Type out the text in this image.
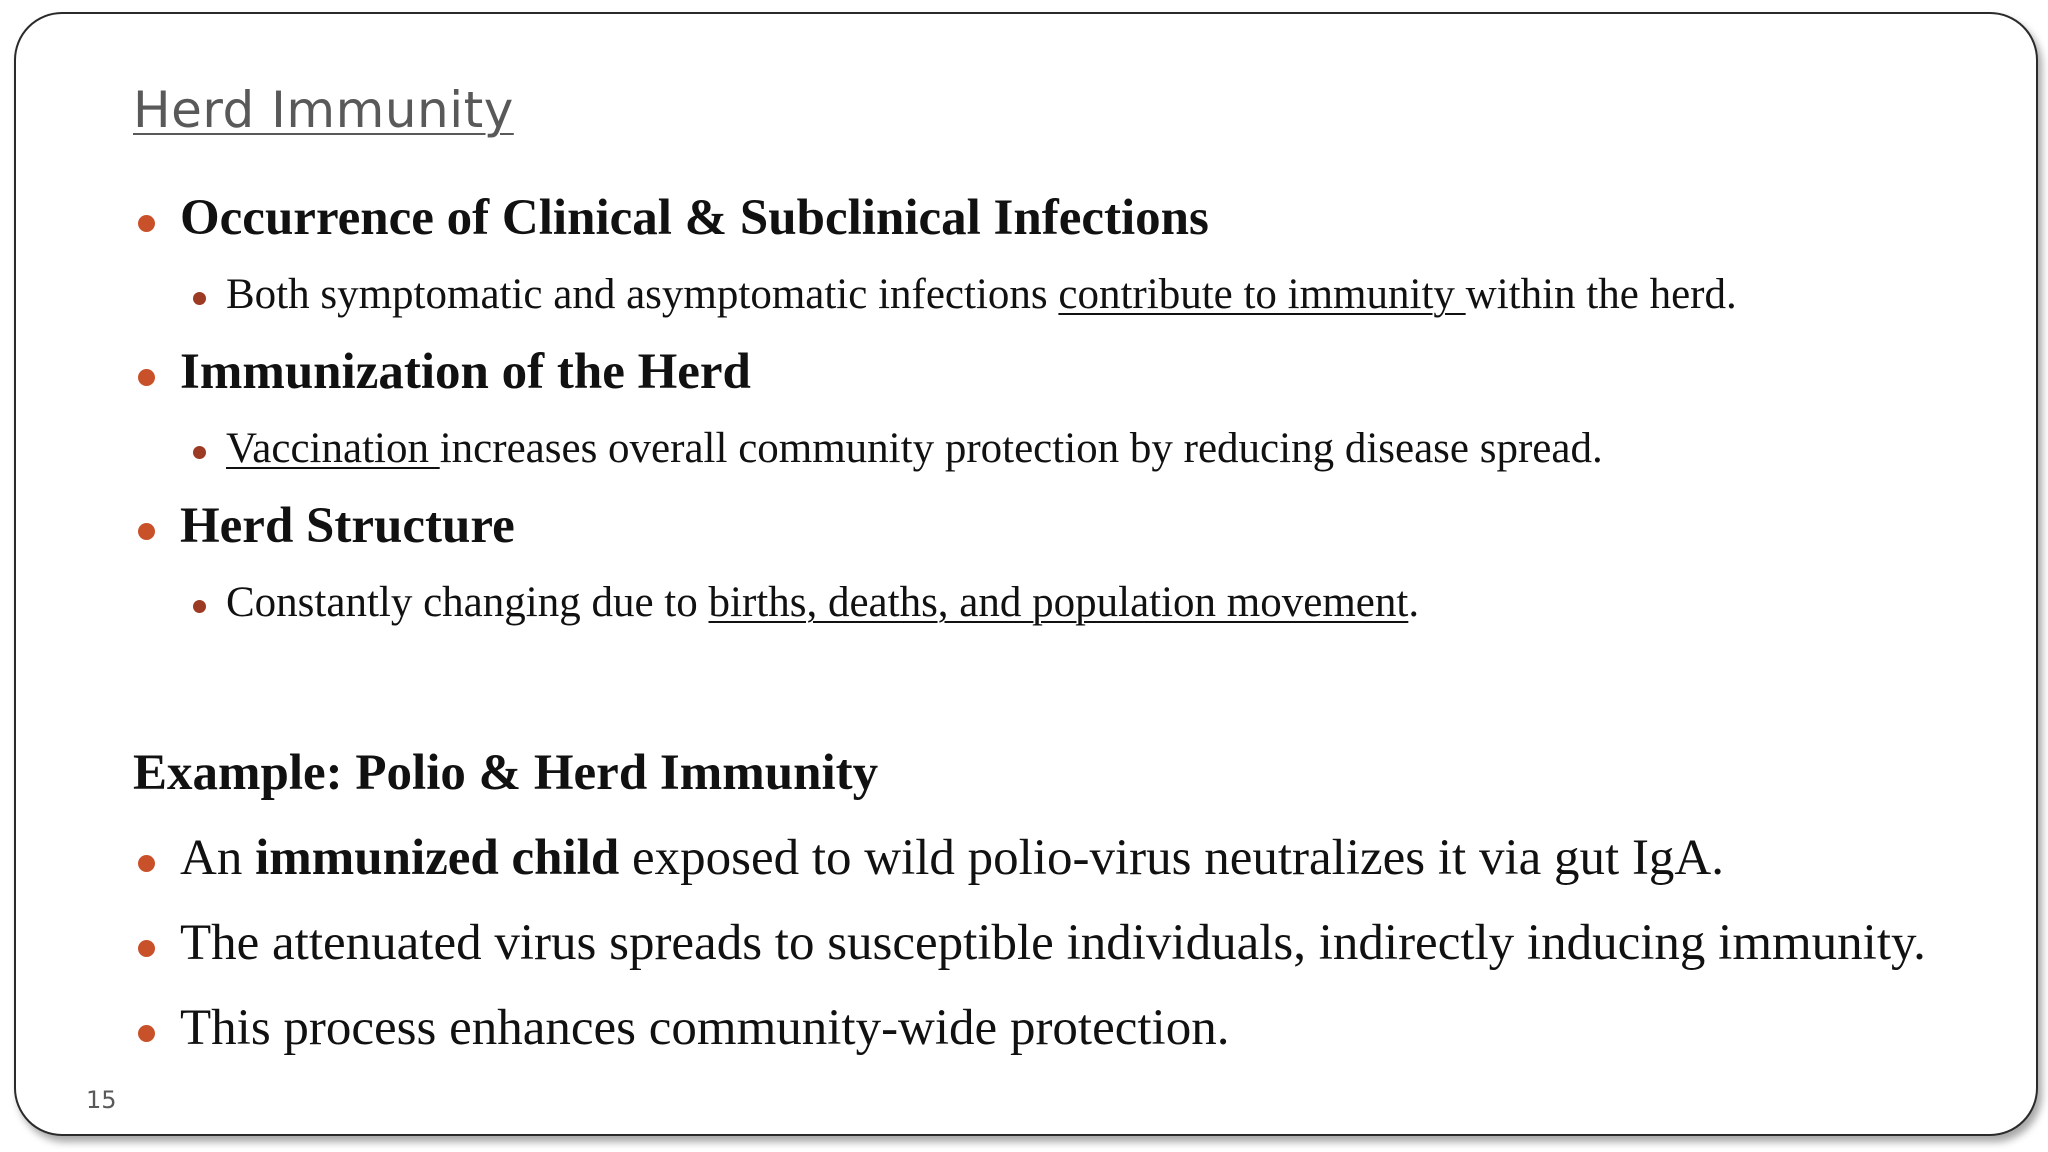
Herd Immunity
Occurrence of Clinical & Subclinical Infections
Both symptomatic and asymptomatic infections contribute to immunity within the herd.
Immunization of the Herd
Vaccination increases overall community protection by reducing disease spread.
Herd Structure
Constantly changing due to births, deaths, and population movement.
Example: Polio & Herd Immunity
An immunized child exposed to wild polio-virus neutralizes it via gut IgA.
The attenuated virus spreads to susceptible individuals, indirectly inducing immunity.
This process enhances community-wide protection.
15
